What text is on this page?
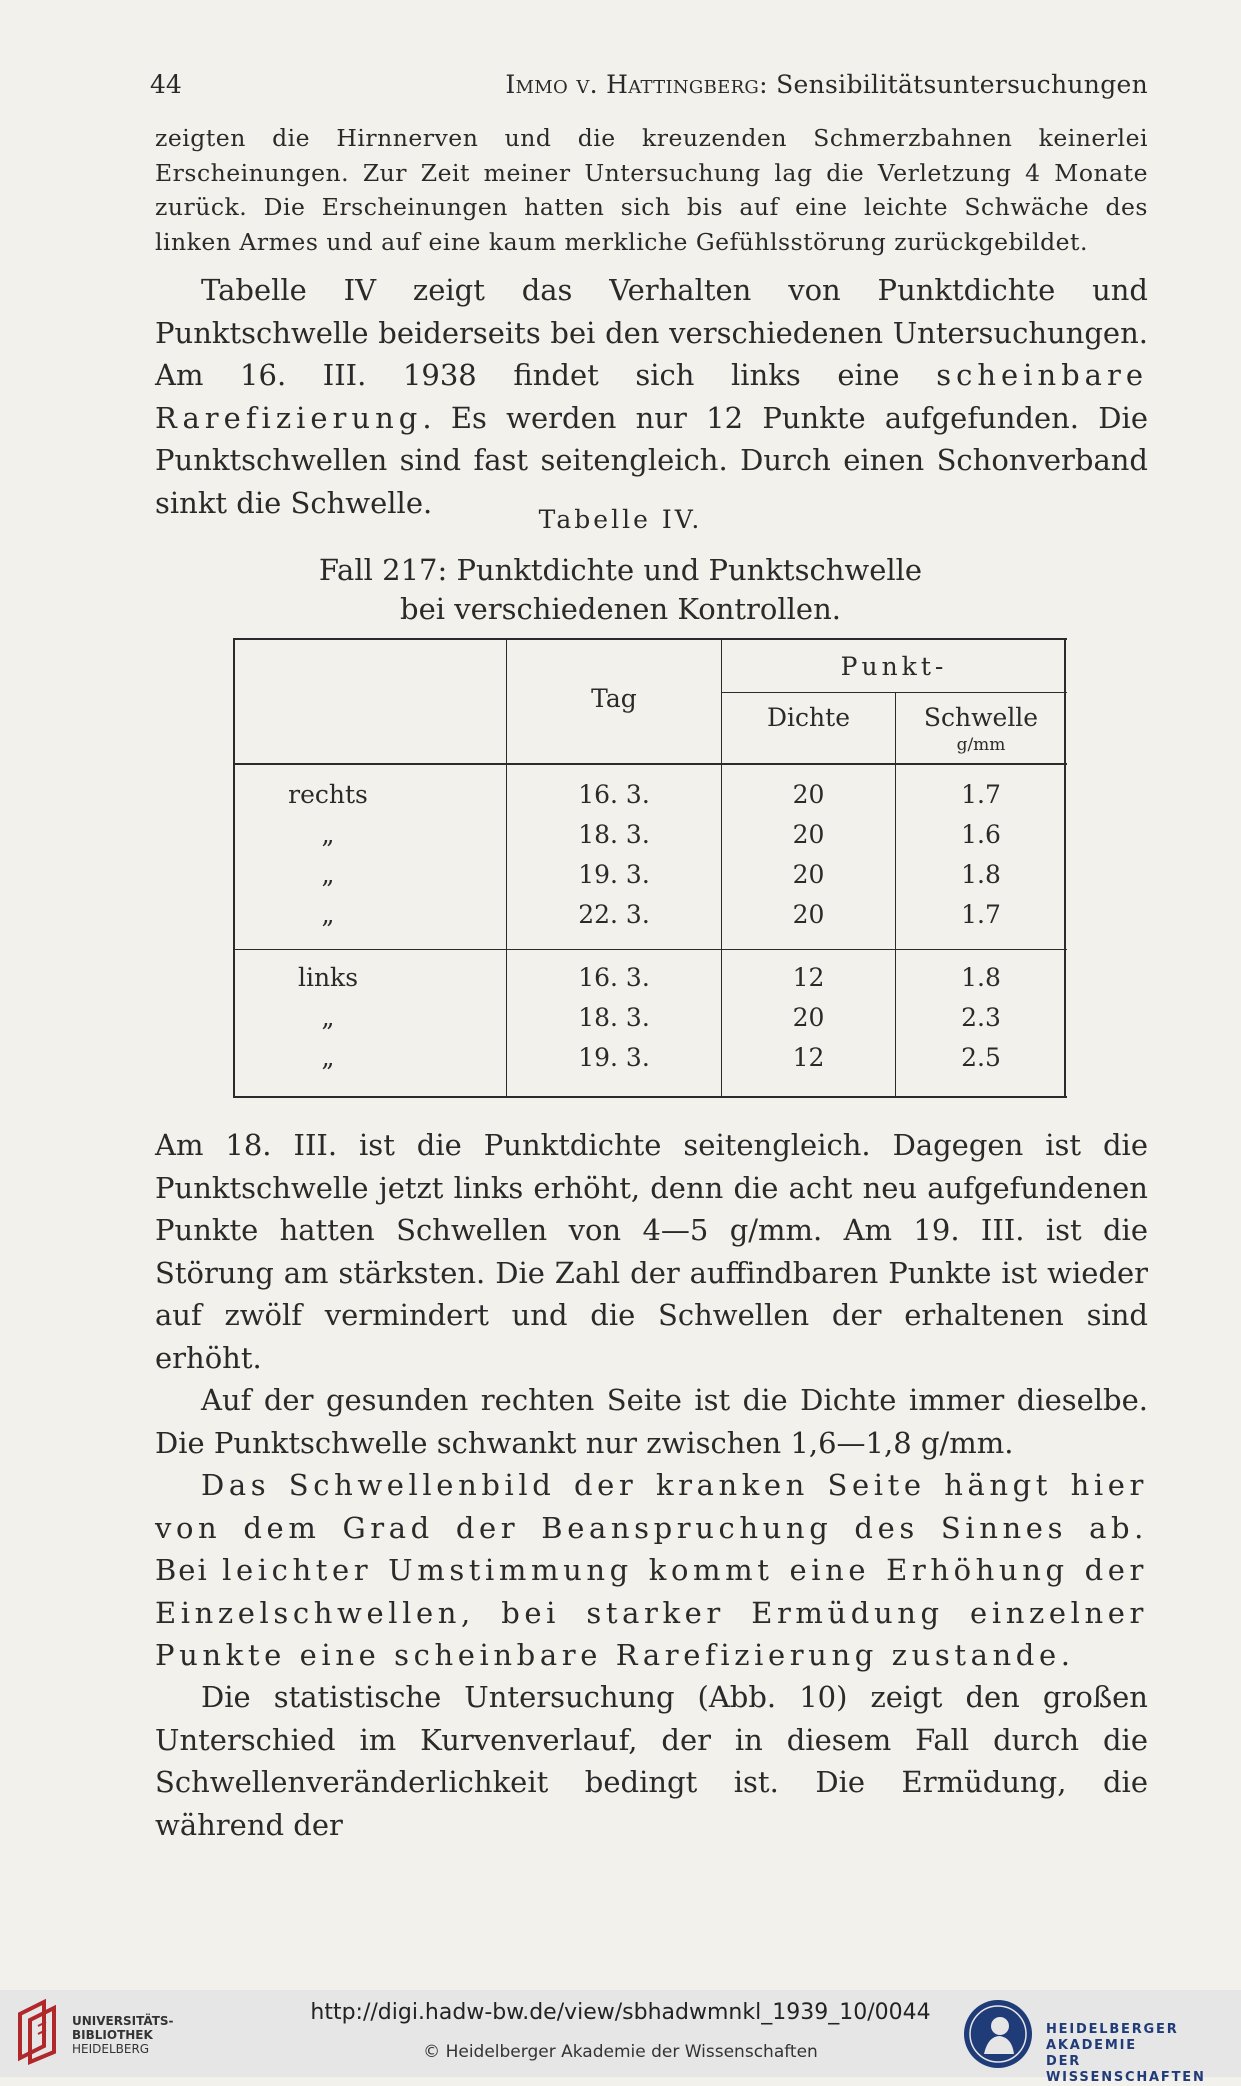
44	Immo v. Hattingberg: Sensibilitätsuntersuchungen

zeigten die Hirnnerven und die kreuzenden Schmerzbahnen keinerlei Erscheinungen. Zur Zeit meiner Untersuchung lag die Verletzung 4 Monate zurück. Die Erscheinungen hatten sich bis auf eine leichte Schwäche des linken Armes und auf eine kaum merkliche Gefühlsstörung zurückgebildet.

Tabelle IV zeigt das Verhalten von Punktdichte und Punktschwelle beiderseits bei den verschiedenen Untersuchungen. Am 16. III. 1938 findet sich links eine scheinbare Rarefizierung. Es werden nur 12 Punkte aufgefunden. Die Punktschwellen sind fast seitengleich. Durch einen Schonverband sinkt die Schwelle.	Tabelle IV.
Fall 217: Punktdichte und Punktschwelle
bei verschiedenen Kontrollen.
Tag
Punkt-
Dichte	Schwelle
g/mm
rechts	16. 3.	20	1.7
„	18. 3.	20	1.6
„	19. 3.	20	1.8
„	22. 3.	20	1.7
links	16. 3.	12	1.8
„	18. 3.	20	2.3
„	19. 3.	12	2.5

Am 18. III. ist die Punktdichte seitengleich. Dagegen ist die Punktschwelle jetzt links erhöht, denn die acht neu aufgefundenen Punkte hatten Schwellen von 4—5 g/mm. Am 19. III. ist die Störung am stärksten. Die Zahl der auffindbaren Punkte ist wieder auf zwölf vermindert und die Schwellen der erhaltenen sind erhöht.

Auf der gesunden rechten Seite ist die Dichte immer dieselbe. Die Punktschwelle schwankt nur zwischen 1,6—1,8 g/mm.

Das Schwellenbild der kranken Seite hängt hier von dem Grad der Beanspruchung des Sinnes ab. Bei leichter Umstimmung kommt eine Erhöhung der Einzelschwellen, bei starker Ermüdung einzelner Punkte eine scheinbare Rarefizierung zustande.

Die statistische Untersuchung (Abb. 10) zeigt den großen Unterschied im Kurvenverlauf, der in diesem Fall durch die Schwellenveränderlichkeit bedingt ist. Die Ermüdung, die während der

UNIVERSITÄTS-
BIBLIOTHEK
HEIDELBERG
http://digi.hadw-bw.de/view/sbhadwmnkl_1939_10/0044
© Heidelberger Akademie der Wissenschaften
HEIDELBERGER AKADEMIE
DER WISSENSCHAFTEN
